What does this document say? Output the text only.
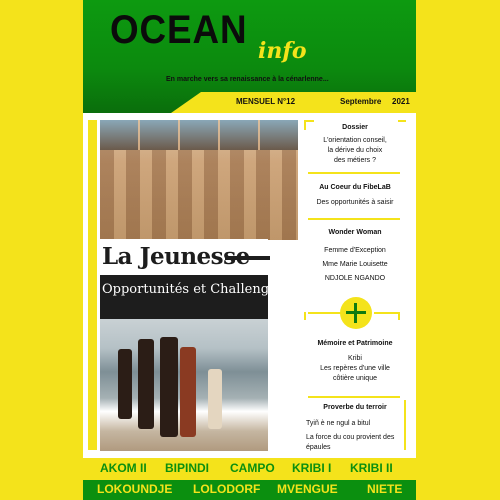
OCEAN info
En marche vers sa renaissance à la cénarlenne...
MENSUEL N°12	Septembre 2021
La Jeunesse
Opportunités et Challenges
Dossier
L'orientation conseil,
la dérive du choix
des métiers ?
Au Coeur du FibeLaB
Des opportunités à saisir
Wonder Woman
Femme d'Exception
Mme Marie Louisette
NDJOLE NGANDO
Mémoire et Patrimoine
Kribi
Les repères d'une ville
côtière unique
Proverbe du terroir
Tyiñ è ne ngul a bitul
La force du cou provient des
épaules
AKOM II BIPINDI CAMPO KRIBI I KRIBI II
LOKOUNDJE LOLODORF MVENGUE NIETE
